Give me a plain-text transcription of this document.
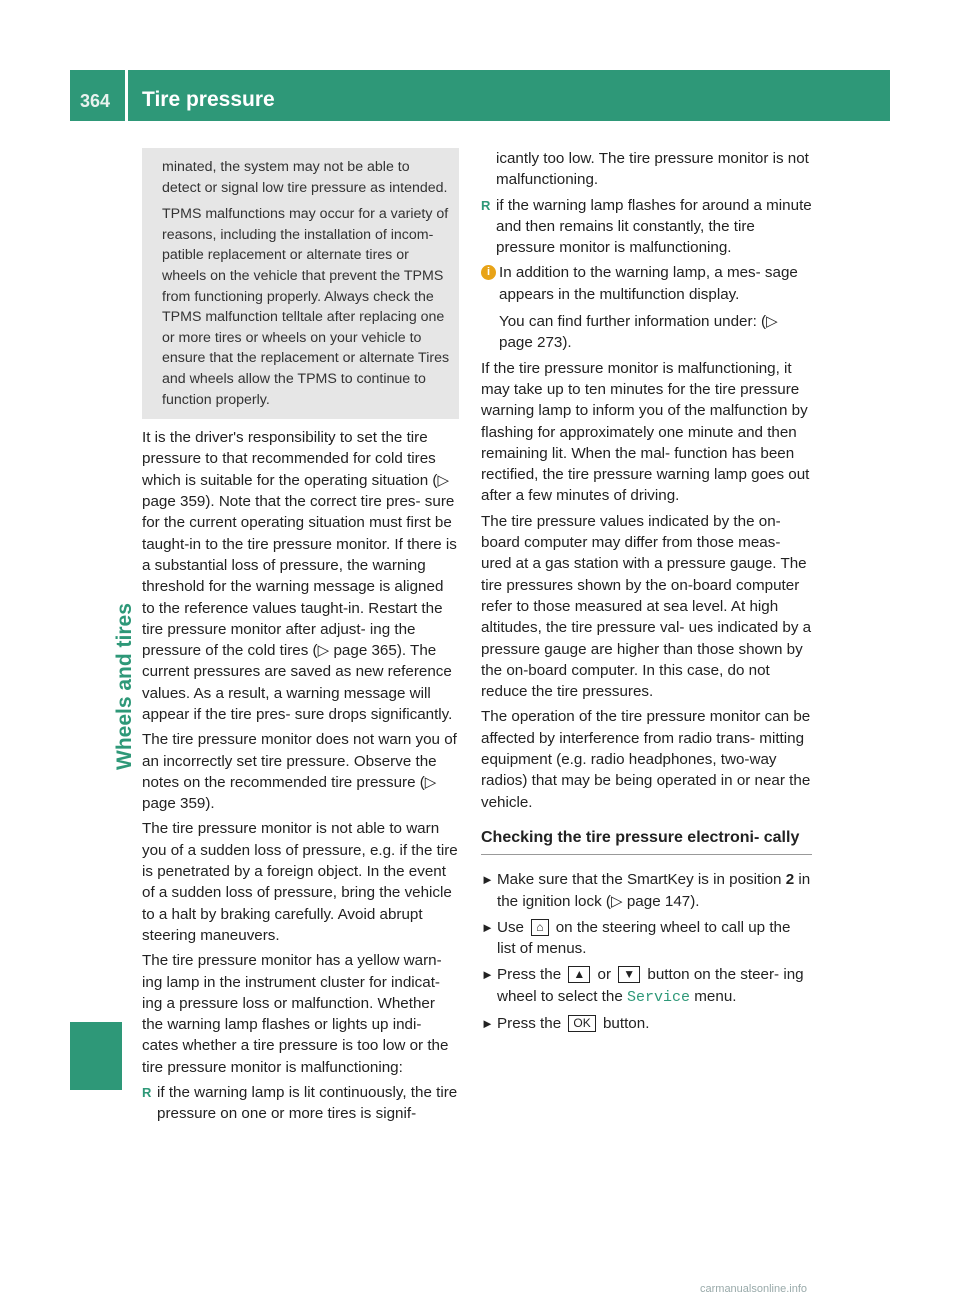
364 Tire pressure
Wheels and tires

minated, the system may not be able to detect or signal low tire pressure as intended.

TPMS malfunctions may occur for a variety of reasons, including the installation of incom- patible replacement or alternate tires or wheels on the vehicle that prevent the TPMS from functioning properly. Always check the TPMS malfunction telltale after replacing one or more tires or wheels on your vehicle to ensure that the replacement or alternate Tires and wheels allow the TPMS to continue to function properly.

It is the driver's responsibility to set the tire pressure to that recommended for cold tires which is suitable for the operating situation (▷ page 359). Note that the correct tire pres- sure for the current operating situation must first be taught-in to the tire pressure monitor. If there is a substantial loss of pressure, the warning threshold for the warning message is aligned to the reference values taught-in. Restart the tire pressure monitor after adjust- ing the pressure of the cold tires (▷ page 365). The current pressures are saved as new reference values. As a result, a warning message will appear if the tire pres- sure drops significantly.

The tire pressure monitor does not warn you of an incorrectly set tire pressure. Observe the notes on the recommended tire pressure (▷ page 359).

The tire pressure monitor is not able to warn you of a sudden loss of pressure, e.g. if the tire is penetrated by a foreign object. In the event of a sudden loss of pressure, bring the vehicle to a halt by braking carefully. Avoid abrupt steering maneuvers.

The tire pressure monitor has a yellow warn- ing lamp in the instrument cluster for indicat- ing a pressure loss or malfunction. Whether the warning lamp flashes or lights up indi- cates whether a tire pressure is too low or the tire pressure monitor is malfunctioning:

R if the warning lamp is lit continuously, the tire pressure on one or more tires is signif-
icantly too low. The tire pressure monitor is not malfunctioning.
R if the warning lamp flashes for around a minute and then remains lit constantly, the tire pressure monitor is malfunctioning.
i In addition to the warning lamp, a mes- sage appears in the multifunction display.
You can find further information under: (▷ page 273).

If the tire pressure monitor is malfunctioning, it may take up to ten minutes for the tire pressure warning lamp to inform you of the malfunction by flashing for approximately one minute and then remaining lit. When the mal- function has been rectified, the tire pressure warning lamp goes out after a few minutes of driving.

The tire pressure values indicated by the on- board computer may differ from those meas- ured at a gas station with a pressure gauge. The tire pressures shown by the on-board computer refer to those measured at sea level. At high altitudes, the tire pressure val- ues indicated by a pressure gauge are higher than those shown by the on-board computer. In this case, do not reduce the tire pressures.

The operation of the tire pressure monitor can be affected by interference from radio trans- mitting equipment (e.g. radio headphones, two-way radios) that may be being operated in or near the vehicle.

Checking the tire pressure electroni- cally
► Make sure that the SmartKey is in position 2 in the ignition lock (▷ page 147).
► Use ⌂ on the steering wheel to call up the list of menus.
► Press the ▲ or ▼ button on the steer- ing wheel to select the Service menu.
► Press the OK button.
carmanualsonline.info
